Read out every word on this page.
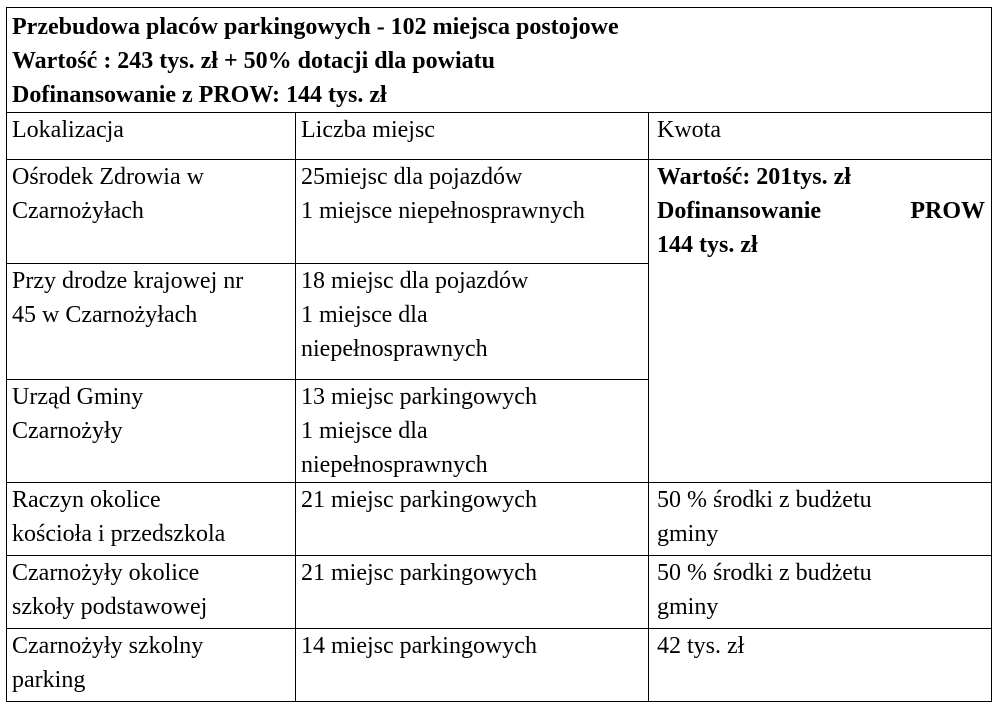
Przebudowa placów parkingowych - 102 miejsca postojowe
Wartość : 243 tys. zł + 50% dotacji dla powiatu
Dofinansowanie z PROW: 144 tys. zł		

Lokalizacja	Liczba miejsc	Kwota

Ośrodek Zdrowia w
Czarnożyłach	25miejsc dla pojazdów
1 miejsce niepełnosprawnych	Wartość: 201tys. zł
Dofinansowanie PROW
144 tys. zł

Przy drodze krajowej nr
45 w Czarnożyłach	18 miejsc dla pojazdów
1 miejsce dla
niepełnosprawnych	

Urząd Gminy
Czarnożyły	13 miejsc parkingowych
1 miejsce dla
niepełnosprawnych	

Raczyn okolice
kościoła i przedszkola	21 miejsc parkingowych	50 % środki z budżetu
gminy

Czarnożyły okolice
szkoły podstawowej	21 miejsc parkingowych	50 % środki z budżetu
gminy

Czarnożyły szkolny
parking	14 miejsc parkingowych	42 tys. zł
